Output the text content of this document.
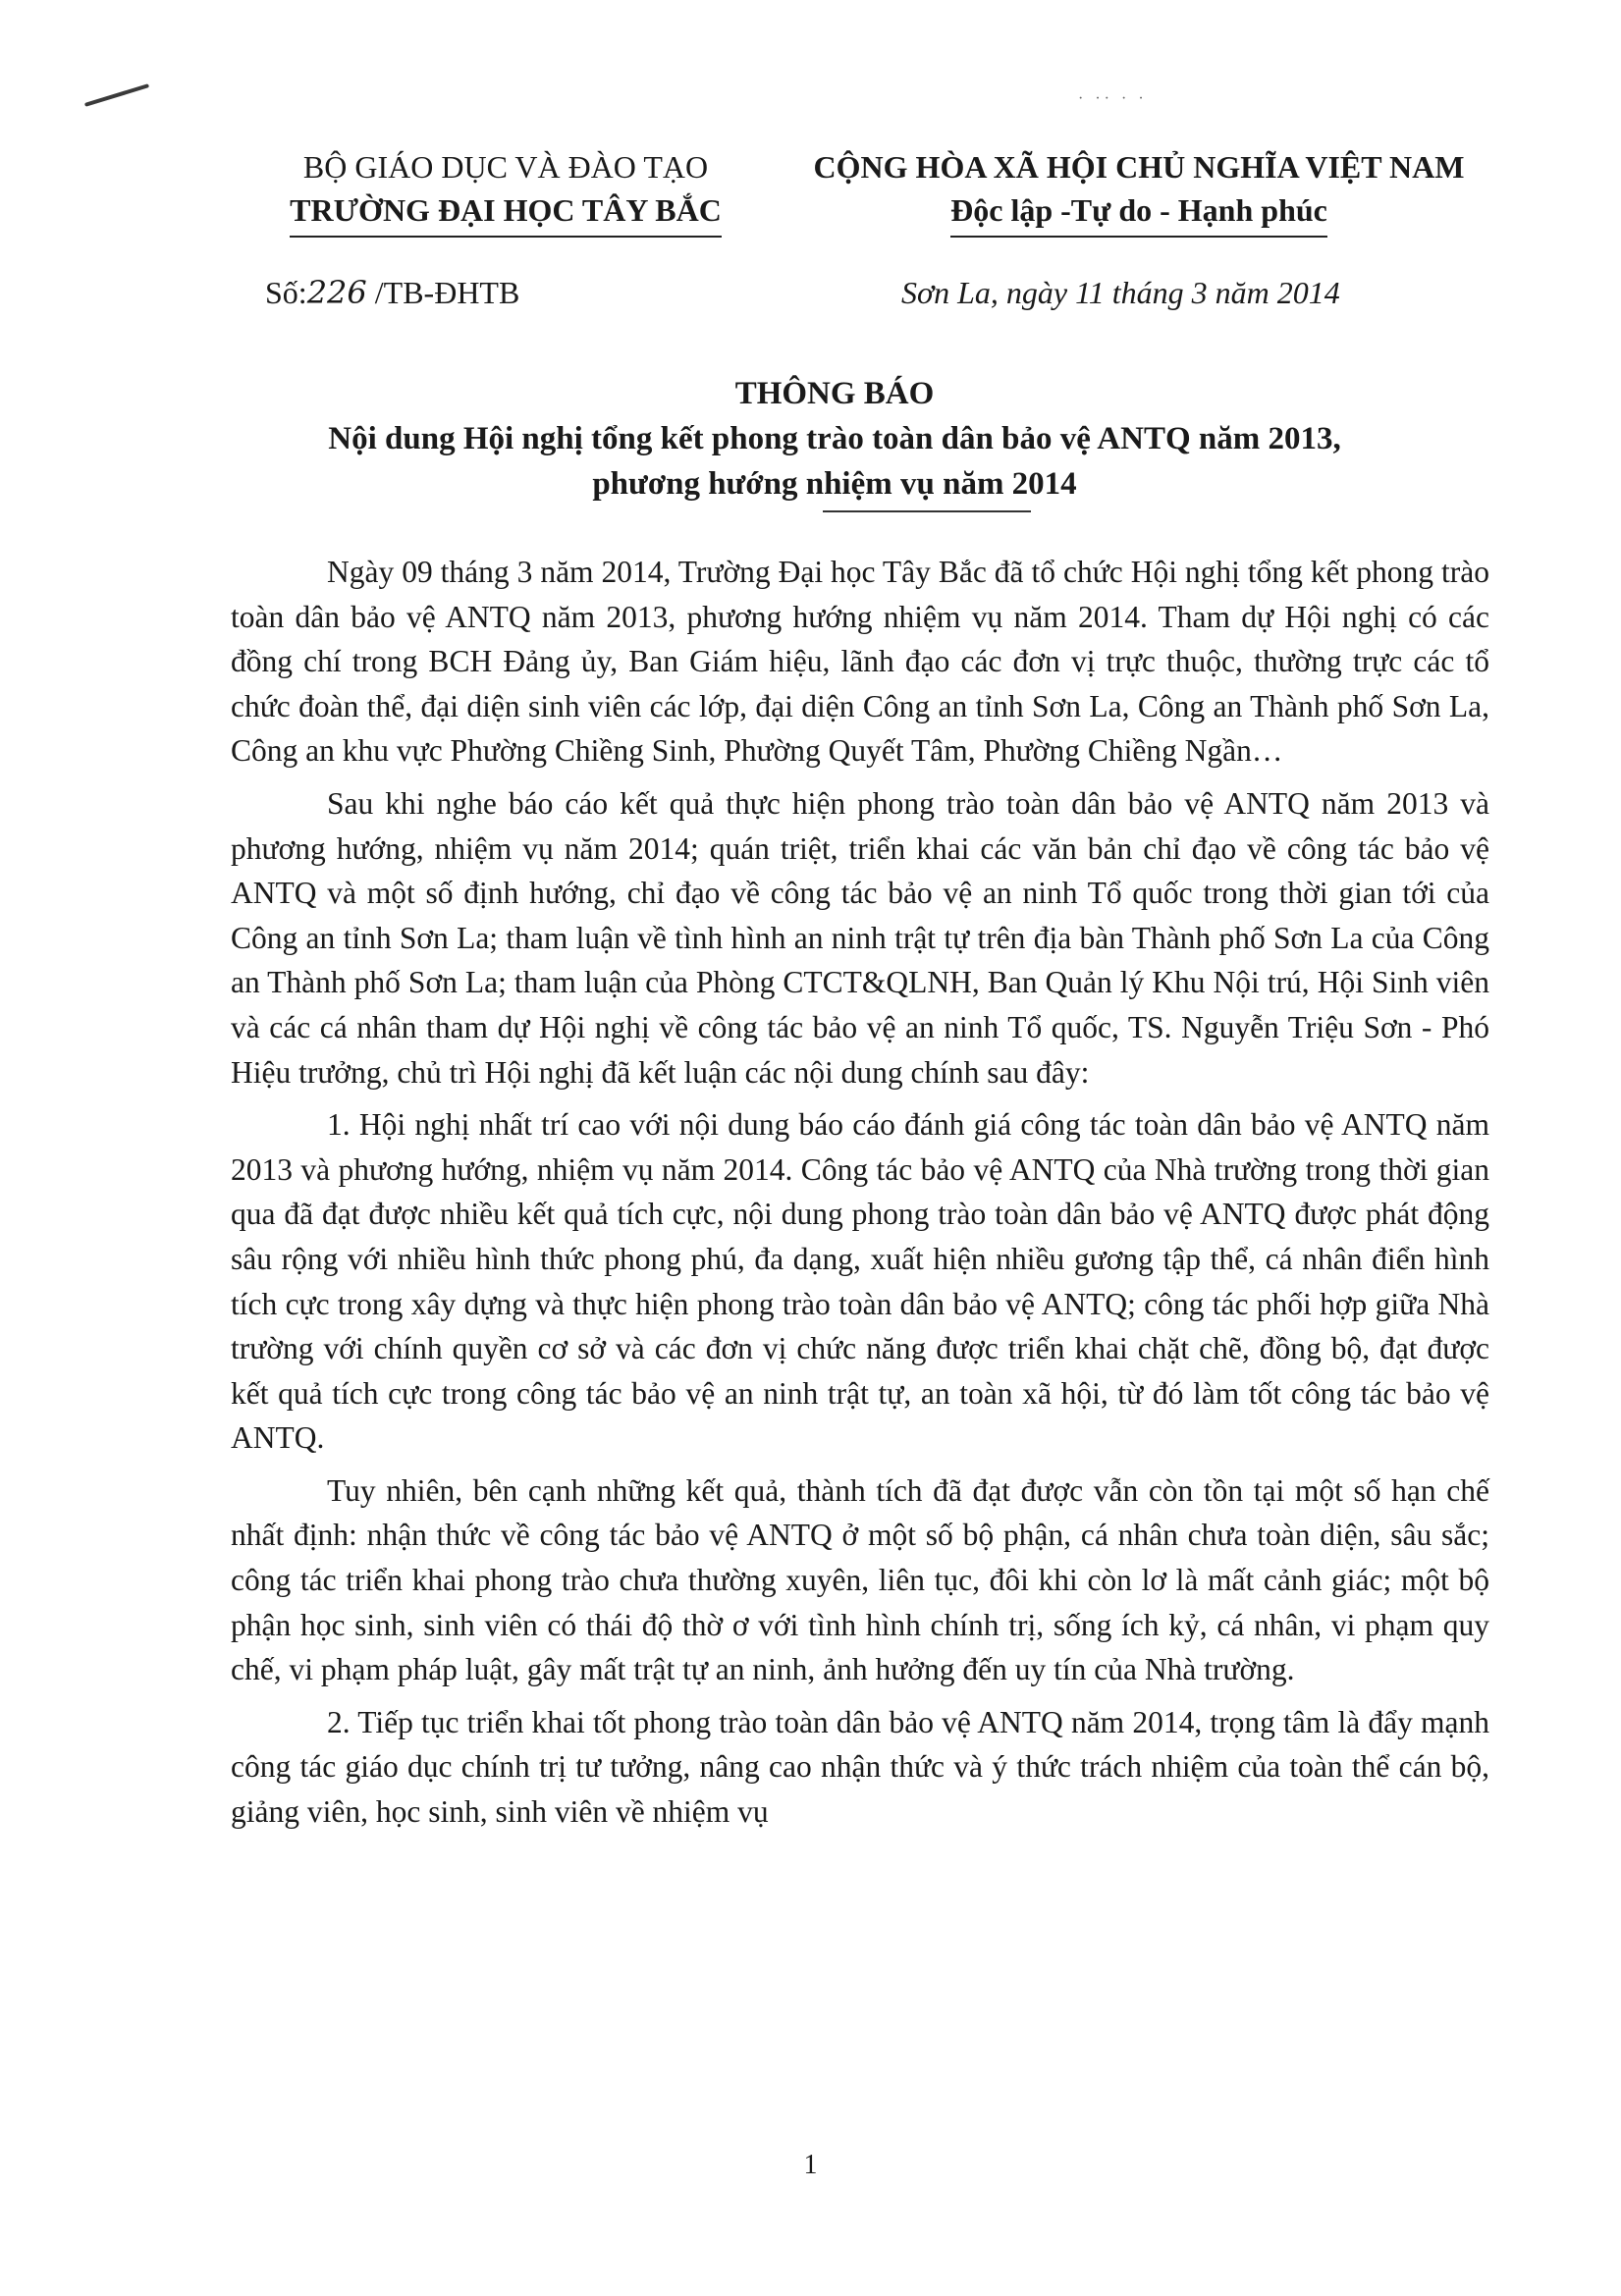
· ·· · ·
BỘ GIÁO DỤC VÀ ĐÀO TẠO
TRƯỜNG ĐẠI HỌC TÂY BẮC
CỘNG HÒA XÃ HỘI CHỦ NGHĨA VIỆT NAM
Độc lập -Tự do - Hạnh phúc
Số:226 /TB-ĐHTB	Sơn La, ngày 11 tháng 3 năm 2014
THÔNG BÁO
Nội dung Hội nghị tổng kết phong trào toàn dân bảo vệ ANTQ năm 2013,
phương hướng nhiệm vụ năm 2014

Ngày 09 tháng 3 năm 2014, Trường Đại học Tây Bắc đã tổ chức Hội nghị tổng kết phong trào toàn dân bảo vệ ANTQ năm 2013, phương hướng nhiệm vụ năm 2014. Tham dự Hội nghị có các đồng chí trong BCH Đảng ủy, Ban Giám hiệu, lãnh đạo các đơn vị trực thuộc, thường trực các tổ chức đoàn thể, đại diện sinh viên các lớp, đại diện Công an tỉnh Sơn La, Công an Thành phố Sơn La, Công an khu vực Phường Chiềng Sinh, Phường Quyết Tâm, Phường Chiềng Ngần…

Sau khi nghe báo cáo kết quả thực hiện phong trào toàn dân bảo vệ ANTQ năm 2013 và phương hướng, nhiệm vụ năm 2014; quán triệt, triển khai các văn bản chỉ đạo về công tác bảo vệ ANTQ và một số định hướng, chỉ đạo về công tác bảo vệ an ninh Tổ quốc trong thời gian tới của Công an tỉnh Sơn La; tham luận về tình hình an ninh trật tự trên địa bàn Thành phố Sơn La của Công an Thành phố Sơn La; tham luận của Phòng CTCT&QLNH, Ban Quản lý Khu Nội trú, Hội Sinh viên và các cá nhân tham dự Hội nghị về công tác bảo vệ an ninh Tổ quốc, TS. Nguyễn Triệu Sơn - Phó Hiệu trưởng, chủ trì Hội nghị đã kết luận các nội dung chính sau đây:

1. Hội nghị nhất trí cao với nội dung báo cáo đánh giá công tác toàn dân bảo vệ ANTQ năm 2013 và phương hướng, nhiệm vụ năm 2014. Công tác bảo vệ ANTQ của Nhà trường trong thời gian qua đã đạt được nhiều kết quả tích cực, nội dung phong trào toàn dân bảo vệ ANTQ được phát động sâu rộng với nhiều hình thức phong phú, đa dạng, xuất hiện nhiều gương tập thể, cá nhân điển hình tích cực trong xây dựng và thực hiện phong trào toàn dân bảo vệ ANTQ; công tác phối hợp giữa Nhà trường với chính quyền cơ sở và các đơn vị chức năng được triển khai chặt chẽ, đồng bộ, đạt được kết quả tích cực trong công tác bảo vệ an ninh trật tự, an toàn xã hội, từ đó làm tốt công tác bảo vệ ANTQ.

Tuy nhiên, bên cạnh những kết quả, thành tích đã đạt được vẫn còn tồn tại một số hạn chế nhất định: nhận thức về công tác bảo vệ ANTQ ở một số bộ phận, cá nhân chưa toàn diện, sâu sắc; công tác triển khai phong trào chưa thường xuyên, liên tục, đôi khi còn lơ là mất cảnh giác; một bộ phận học sinh, sinh viên có thái độ thờ ơ với tình hình chính trị, sống ích kỷ, cá nhân, vi phạm quy chế, vi phạm pháp luật, gây mất trật tự an ninh, ảnh hưởng đến uy tín của Nhà trường.

2. Tiếp tục triển khai tốt phong trào toàn dân bảo vệ ANTQ năm 2014, trọng tâm là đẩy mạnh công tác giáo dục chính trị tư tưởng, nâng cao nhận thức và ý thức trách nhiệm của toàn thể cán bộ, giảng viên, học sinh, sinh viên về nhiệm vụ

1
